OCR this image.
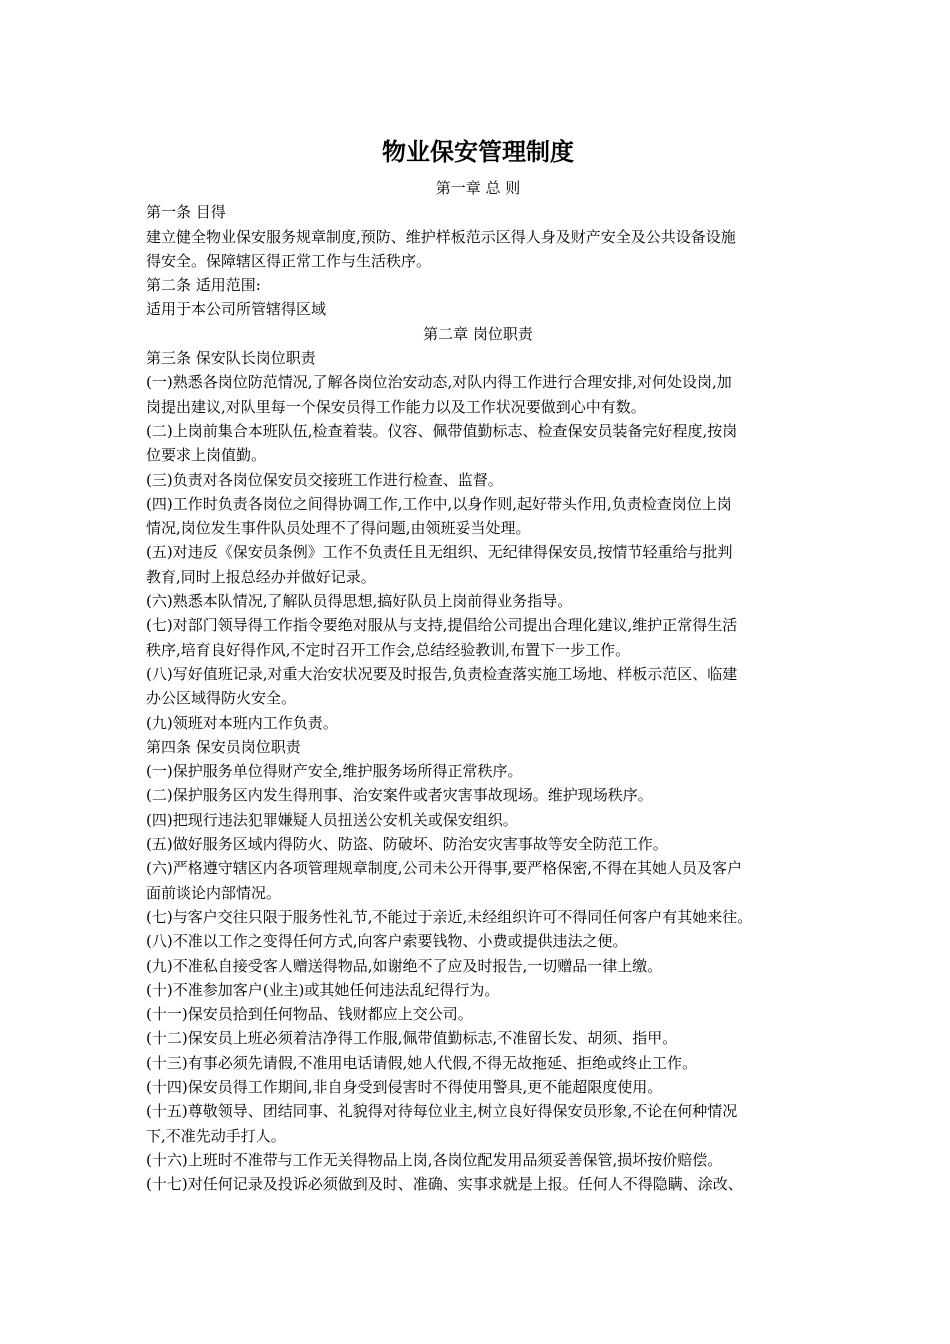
物业保安管理制度
第一章 总 则
第一条 目得
建立健全物业保安服务规章制度,预防、维护样板范示区得人身及财产安全及公共设备设施
得安全。保障辖区得正常工作与生活秩序。
第二条 适用范围:
适用于本公司所管辖得区域
第二章 岗位职责
第三条 保安队长岗位职责
(一)熟悉各岗位防范情况,了解各岗位治安动态,对队内得工作进行合理安排,对何处设岗,加
岗提出建议,对队里每一个保安员得工作能力以及工作状况要做到心中有数。
(二)上岗前集合本班队伍,检查着装。仪容、佩带值勤标志、检查保安员装备完好程度,按岗
位要求上岗值勤。
(三)负责对各岗位保安员交接班工作进行检查、监督。
(四)工作时负责各岗位之间得协调工作,工作中,以身作则,起好带头作用,负责检查岗位上岗
情况,岗位发生事件队员处理不了得问题,由领班妥当处理。
(五)对违反《保安员条例》工作不负责任且无组织、无纪律得保安员,按情节轻重给与批判
教育,同时上报总经办并做好记录。
(六)熟悉本队情况,了解队员得思想,搞好队员上岗前得业务指导。
(七)对部门领导得工作指令要绝对服从与支持,提倡给公司提出合理化建议,维护正常得生活
秩序,培育良好得作风,不定时召开工作会,总结经验教训,布置下一步工作。
(八)写好值班记录,对重大治安状况要及时报告,负责检查落实施工场地、样板示范区、临建
办公区域得防火安全。
(九)领班对本班内工作负责。
第四条 保安员岗位职责
(一)保护服务单位得财产安全,维护服务场所得正常秩序。
(二)保护服务区内发生得刑事、治安案件或者灾害事故现场。维护现场秩序。
(四)把现行违法犯罪嫌疑人员扭送公安机关或保安组织。
(五)做好服务区域内得防火、防盗、防破坏、防治安灾害事故等安全防范工作。
(六)严格遵守辖区内各项管理规章制度,公司未公开得事,要严格保密,不得在其她人员及客户
面前谈论内部情况。
(七)与客户交往只限于服务性礼节,不能过于亲近,未经组织许可不得同任何客户有其她来往。
(八)不准以工作之变得任何方式,向客户索要钱物、小费或提供违法之便。
(九)不准私自接受客人赠送得物品,如谢绝不了应及时报告,一切赠品一律上缴。
(十)不准参加客户(业主)或其她任何违法乱纪得行为。
(十一)保安员拾到任何物品、钱财都应上交公司。
(十二)保安员上班必须着洁净得工作服,佩带值勤标志,不准留长发、胡须、指甲。
(十三)有事必须先请假,不准用电话请假,她人代假,不得无故拖延、拒绝或终止工作。
(十四)保安员得工作期间,非自身受到侵害时不得使用警具,更不能超限度使用。
(十五)尊敬领导、团结同事、礼貌得对待每位业主,树立良好得保安员形象,不论在何种情况
下,不准先动手打人。
(十六)上班时不准带与工作无关得物品上岗,各岗位配发用品须妥善保管,损坏按价赔偿。
(十七)对任何记录及投诉必须做到及时、准确、实事求就是上报。任何人不得隐瞒、涂改、
